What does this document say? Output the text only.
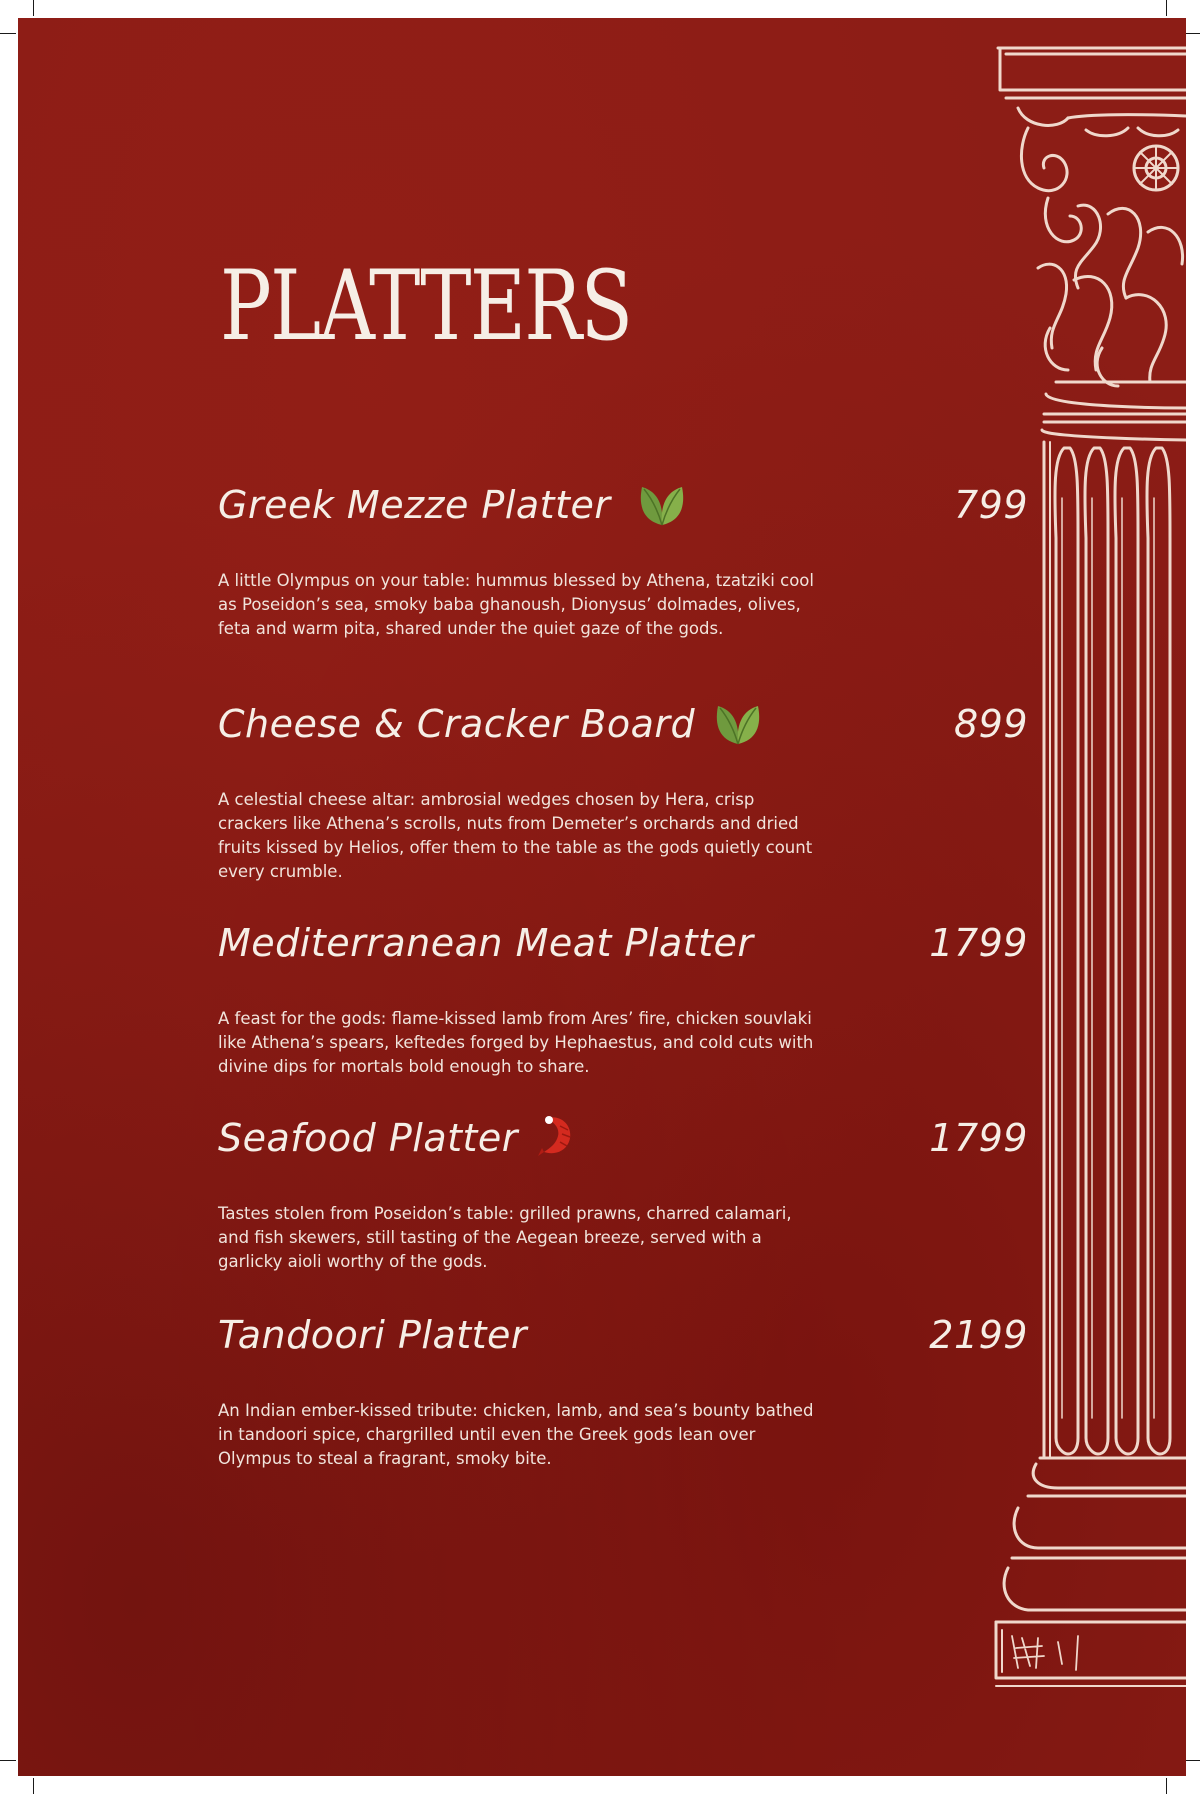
PLATTERS
Greek Mezze Platter	799

A little Olympus on your table: hummus blessed by Athena, tzatziki cool as Poseidon’s sea, smoky baba ghanoush, Dionysus’ dolmades, olives, feta and warm pita, shared under the quiet gaze of the gods.

Cheese & Cracker Board	899

A celestial cheese altar: ambrosial wedges chosen by Hera, crisp crackers like Athena’s scrolls, nuts from Demeter’s orchards and dried fruits kissed by Helios, offer them to the table as the gods quietly count every crumble.

Mediterranean Meat Platter	1799

A feast for the gods: flame-kissed lamb from Ares’ fire, chicken souvlaki like Athena’s spears, keftedes forged by Hephaestus, and cold cuts with divine dips for mortals bold enough to share.

Seafood Platter	1799

Tastes stolen from Poseidon’s table: grilled prawns, charred calamari, and fish skewers, still tasting of the Aegean breeze, served with a garlicky aioli worthy of the gods.

Tandoori Platter	2199

An Indian ember-kissed tribute: chicken, lamb, and sea’s bounty bathed in tandoori spice, chargrilled until even the Greek gods lean over Olympus to steal a fragrant, smoky bite.
